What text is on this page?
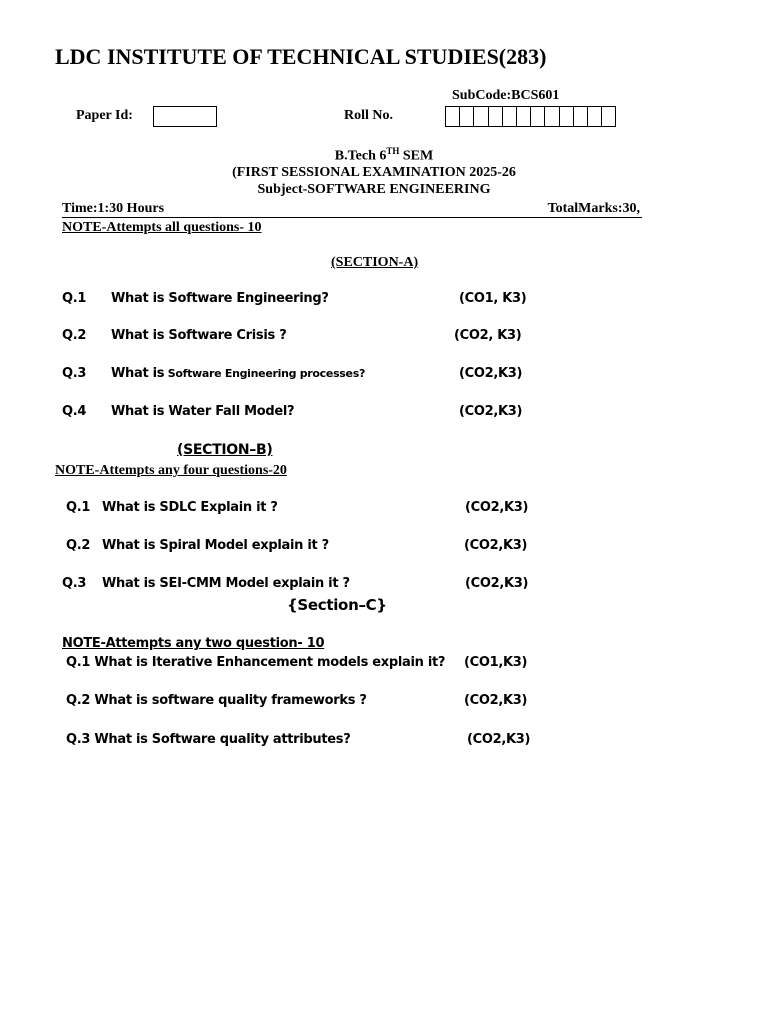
LDC INSTITUTE OF TECHNICAL STUDIES(283)
SubCode:BCS601
Paper Id:	Roll No.
B.Tech 6TH SEM
(FIRST SESSIONAL EXAMINATION 2025-26
Subject-SOFTWARE ENGINEERING
Time:1:30 Hours	TotalMarks:30,
NOTE-Attempts all questions- 10
(SECTION-A)
Q.1 What is Software Engineering?	(CO1, K3)
Q.2 What is Software Crisis ?	(CO2, K3)
Q.3 What is Software Engineering processes?	(CO2,K3)
Q.4 What is Water Fall Model?	(CO2,K3)
(SECTION–B)
NOTE-Attempts any four questions-20
Q.1 What is SDLC Explain it ?	(CO2,K3)
Q.2 What is Spiral Model explain it ?	(CO2,K3)
Q.3 What is SEI-CMM Model explain it ?	(CO2,K3)
{Section–C}
NOTE-Attempts any two question- 10
Q.1 What is Iterative Enhancement models explain it? (CO1,K3)
Q.2 What is software quality frameworks ?	(CO2,K3)
Q.3 What is Software quality attributes?	(CO2,K3)
